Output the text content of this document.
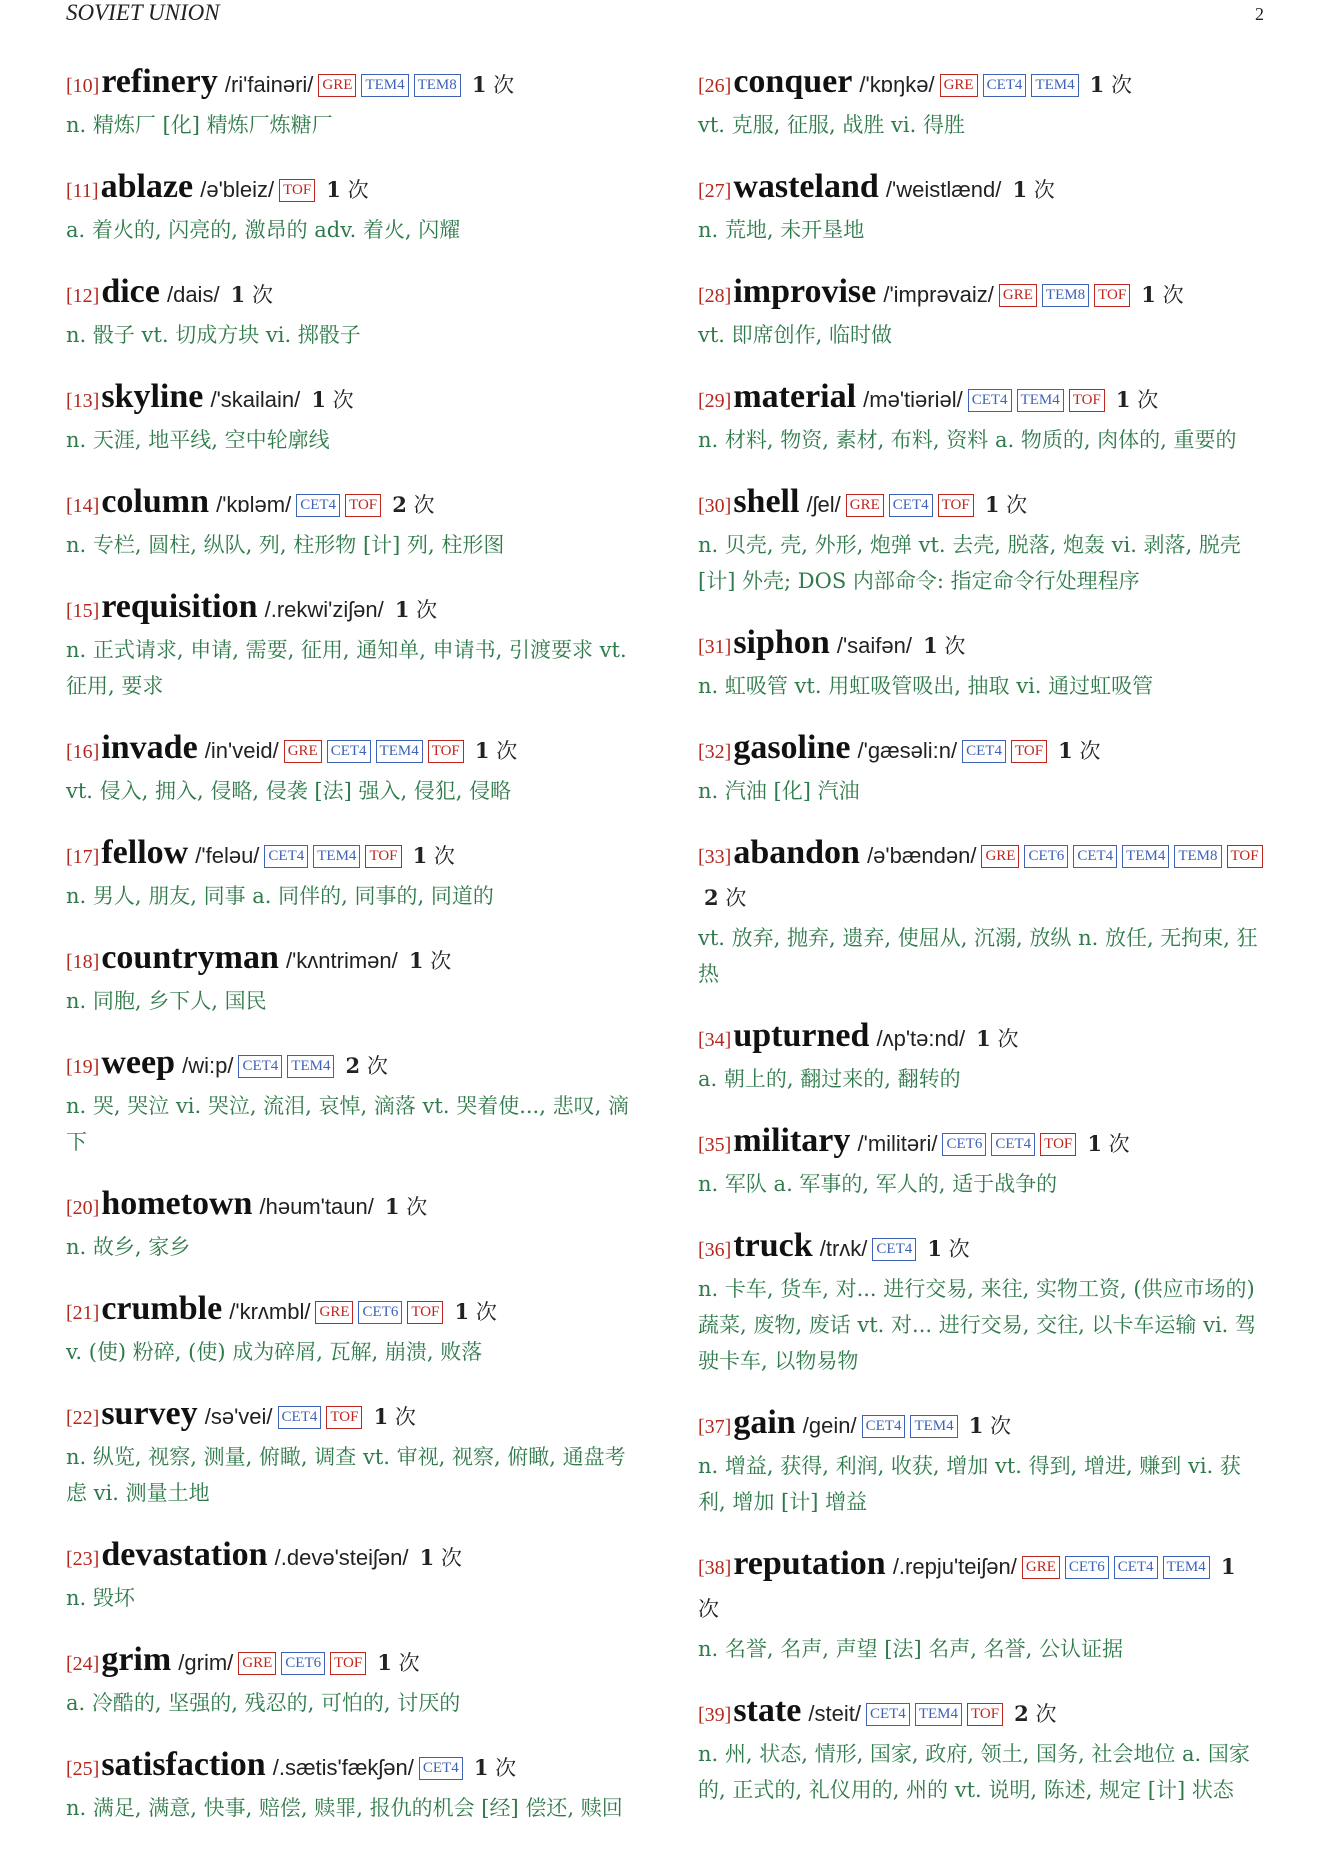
SOVIET UNION	2
[10]refinery /ri'fainəri/ GRE TEM4 TEM8 1 次
n. 精炼厂 [化] 精炼厂炼糖厂
[11]ablaze /ə'bleiz/ TOF 1 次
a. 着火的, 闪亮的, 激昂的 adv. 着火, 闪耀
[12]dice /dais/ 1 次
n. 骰子 vt. 切成方块 vi. 掷骰子
[13]skyline /'skailain/ 1 次
n. 天涯, 地平线, 空中轮廓线
[14]column /'kɒləm/ CET4 TOF 2 次
n. 专栏, 圆柱, 纵队, 列, 柱形物 [计] 列, 柱形图
[15]requisition /.rekwi'ziʃən/ 1 次
n. 正式请求, 申请, 需要, 征用, 通知单, 申请书, 引渡要求 vt. 征用, 要求
[16]invade /in'veid/ GRE CET4 TEM4 TOF 1 次
vt. 侵入, 拥入, 侵略, 侵袭 [法] 强入, 侵犯, 侵略
[17]fellow /'feləu/ CET4 TEM4 TOF 1 次
n. 男人, 朋友, 同事 a. 同伴的, 同事的, 同道的
[18]countryman /'kʌntrimən/ 1 次
n. 同胞, 乡下人, 国民
[19]weep /wi:p/ CET4 TEM4 2 次
n. 哭, 哭泣 vi. 哭泣, 流泪, 哀悼, 滴落 vt. 哭着使..., 悲叹, 滴下
[20]hometown /həum'taun/ 1 次
n. 故乡, 家乡
[21]crumble /'krʌmbl/ GRE CET6 TOF 1 次
v. (使) 粉碎, (使) 成为碎屑, 瓦解, 崩溃, 败落
[22]survey /sə'vei/ CET4 TOF 1 次
n. 纵览, 视察, 测量, 俯瞰, 调查 vt. 审视, 视察, 俯瞰, 通盘考虑 vi. 测量土地
[23]devastation /.devə'steiʃən/ 1 次
n. 毁坏
[24]grim /grim/ GRE CET6 TOF 1 次
a. 冷酷的, 坚强的, 残忍的, 可怕的, 讨厌的
[25]satisfaction /.sætis'fækʃən/ CET4 1 次
n. 满足, 满意, 快事, 赔偿, 赎罪, 报仇的机会 [经] 偿还, 赎回
[26]conquer /'kɒŋkə/ GRE CET4 TEM4 1 次
vt. 克服, 征服, 战胜 vi. 得胜
[27]wasteland /'weistlænd/ 1 次
n. 荒地, 未开垦地
[28]improvise /'imprəvaiz/ GRE TEM8 TOF 1 次
vt. 即席创作, 临时做
[29]material /mə'tiəriəl/ CET4 TEM4 TOF 1 次
n. 材料, 物资, 素材, 布料, 资料 a. 物质的, 肉体的, 重要的
[30]shell /ʃel/ GRE CET4 TOF 1 次
n. 贝壳, 壳, 外形, 炮弹 vt. 去壳, 脱落, 炮轰 vi. 剥落, 脱壳 [计] 外壳; DOS 内部命令: 指定命令行处理程序
[31]siphon /'saifən/ 1 次
n. 虹吸管 vt. 用虹吸管吸出, 抽取 vi. 通过虹吸管
[32]gasoline /'gæsəli:n/ CET4 TOF 1 次
n. 汽油 [化] 汽油
[33]abandon /ə'bændən/ GRE CET6 CET4 TEM4 TEM8 TOF 2 次
vt. 放弃, 抛弃, 遗弃, 使屈从, 沉溺, 放纵 n. 放任, 无拘束, 狂热
[34]upturned /ʌp'tə:nd/ 1 次
a. 朝上的, 翻过来的, 翻转的
[35]military /'militəri/ CET6 CET4 TOF 1 次
n. 军队 a. 军事的, 军人的, 适于战争的
[36]truck /trʌk/ CET4 1 次
n. 卡车, 货车, 对... 进行交易, 来往, 实物工资, (供应市场的) 蔬菜, 废物, 废话 vt. 对... 进行交易, 交往, 以卡车运输 vi. 驾驶卡车, 以物易物
[37]gain /gein/ CET4 TEM4 1 次
n. 增益, 获得, 利润, 收获, 增加 vt. 得到, 增进, 赚到 vi. 获利, 增加 [计] 增益
[38]reputation /.repju'teiʃən/ GRE CET6 CET4 TEM4 1 次
n. 名誉, 名声, 声望 [法] 名声, 名誉, 公认证据
[39]state /steit/ CET4 TEM4 TOF 2 次
n. 州, 状态, 情形, 国家, 政府, 领土, 国务, 社会地位 a. 国家的, 正式的, 礼仪用的, 州的 vt. 说明, 陈述, 规定 [计] 状态
